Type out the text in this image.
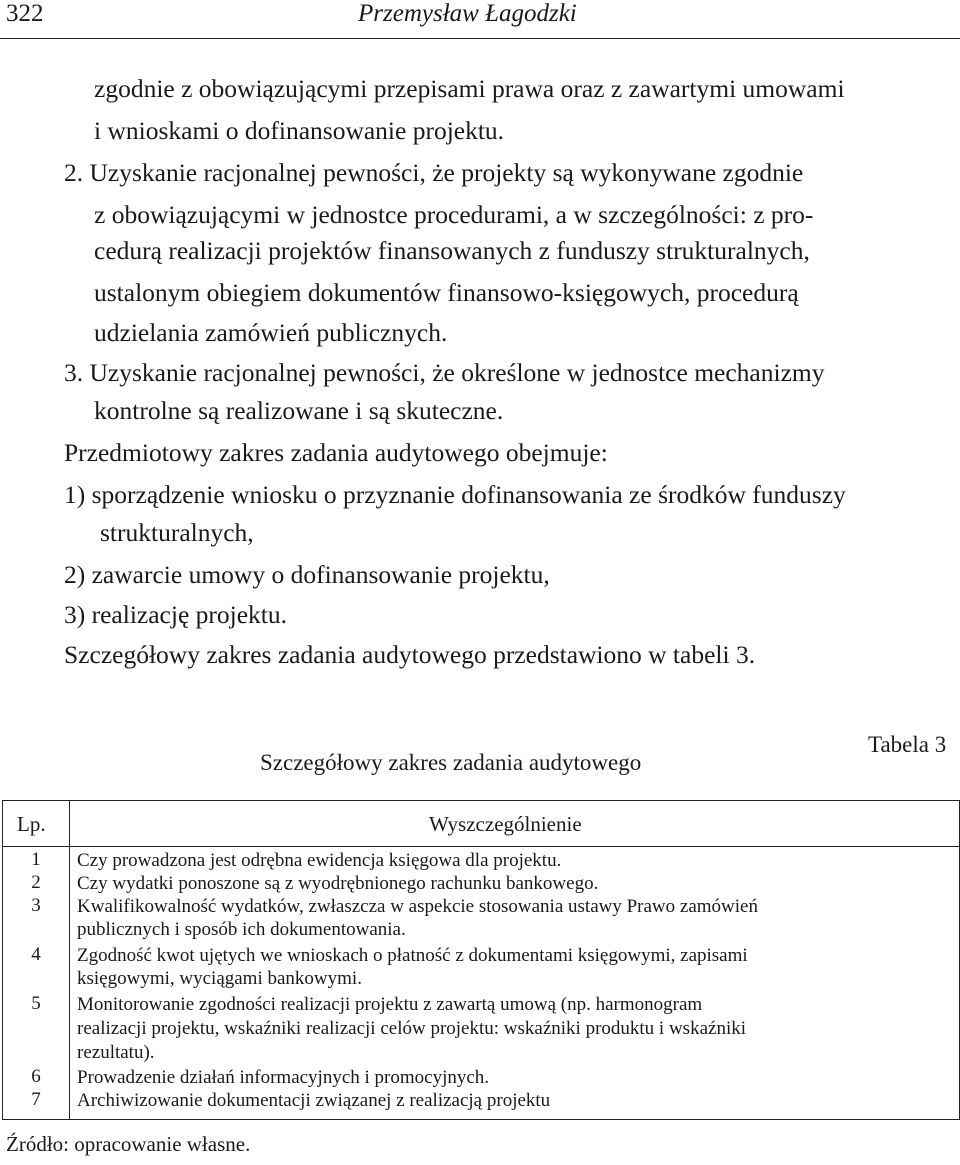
322	Przemysław Łagodzki
zgodnie z obowiązującymi przepisami prawa oraz z zawartymi umowami
i wnioskami o dofinansowanie projektu.
2. Uzyskanie racjonalnej pewności, że projekty są wykonywane zgodnie
z obowiązującymi w jednostce procedurami, a w szczególności: z pro-
cedurą realizacji projektów finansowanych z funduszy strukturalnych,
ustalonym obiegiem dokumentów finansowo-księgowych, procedurą
udzielania zamówień publicznych.
3. Uzyskanie racjonalnej pewności, że określone w jednostce mechanizmy
kontrolne są realizowane i są skuteczne.
Przedmiotowy zakres zadania audytowego obejmuje:
1) sporządzenie wniosku o przyznanie dofinansowania ze środków funduszy
strukturalnych,
2) zawarcie umowy o dofinansowanie projektu,
3) realizację projektu.
Szczegółowy zakres zadania audytowego przedstawiono w tabeli 3.
Tabela 3
Szczegółowy zakres zadania audytowego
Lp.	Wyszczególnienie
1
2
3
4
5
6
7
Czy prowadzona jest odrębna ewidencja księgowa dla projektu.
Czy wydatki ponoszone są z wyodrębnionego rachunku bankowego.
Kwalifikowalność wydatków, zwłaszcza w aspekcie stosowania ustawy Prawo zamówień
publicznych i sposób ich dokumentowania.
Zgodność kwot ujętych we wnioskach o płatność z dokumentami księgowymi, zapisami
księgowymi, wyciągami bankowymi.
Monitorowanie zgodności realizacji projektu z zawartą umową (np. harmonogram
realizacji projektu, wskaźniki realizacji celów projektu: wskaźniki produktu i wskaźniki
rezultatu).
Prowadzenie działań informacyjnych i promocyjnych.
Archiwizowanie dokumentacji związanej z realizacją projektu
Źródło: opracowanie własne.
